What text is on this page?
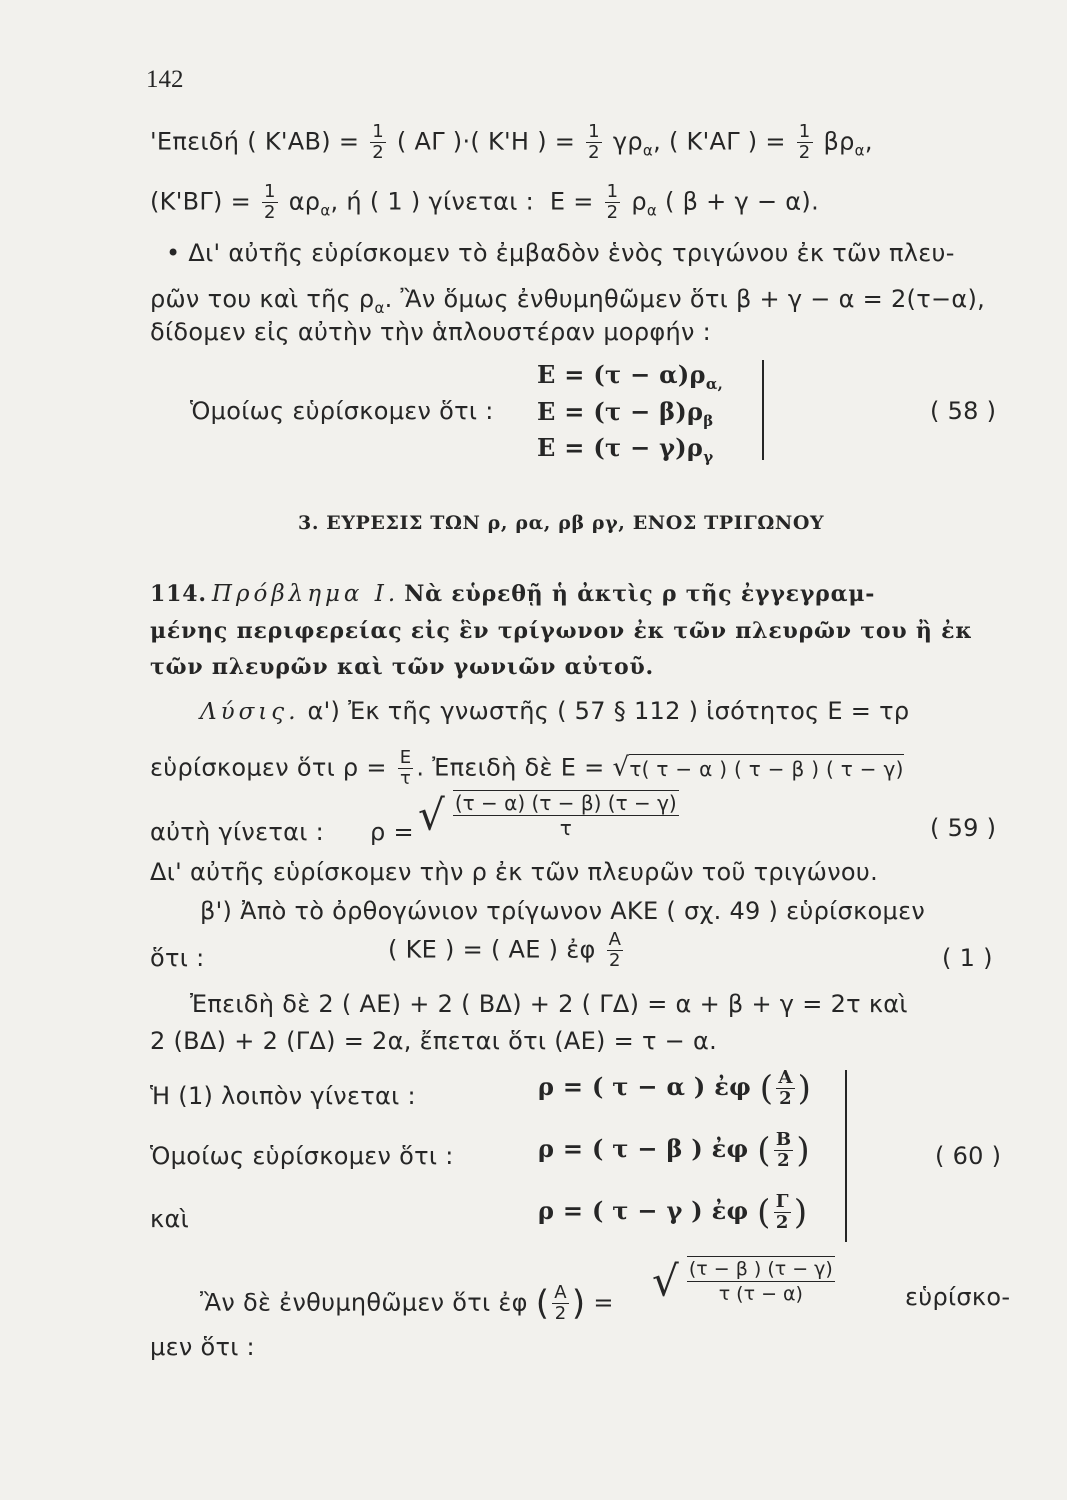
142
'Επειδή ( $K'AB) = \frac{1}{2}$ ( ΑΓ )·( Κ'Η ) = $\frac{1}{2} \gamma\rho_\alpha$, ( Κ'ΑΓ ) = $\frac{1}{2} \beta\rho_\alpha$,
$(K'B\Gamma) = \frac{1}{2} \alpha\rho_\alpha$, ή ( 1 ) γίνεται : $E = \frac{1}{2} \rho_\alpha$ ( β + γ − α).
• Δι' αὐτῆς εὑρίσκομεν τὸ ἐμβαδὸν ἑνὸς τριγώνου ἐκ τῶν πλευ-
ρῶν του καὶ τῆς $\rho_\alpha$. Ἂν ὅμως ἐνθυμηθῶμεν ὅτι β + γ − α = 2(τ−α),
δίδομεν εἰς αὐτὴν τὴν ἁπλουστέραν μορφήν :
$E = (\tau - \alpha)\rho_{\alpha,}$
Ὁμοίως εὑρίσκομεν ὅτι : $E = (\tau - \beta)\rho_\beta$
$E = (\tau - \gamma)\rho_\gamma$
( 58 )
3. ΕΥΡΕΣΙΣ ΤΩΝ ρ, ρα, ρβ ργ, ΕΝΟΣ ΤΡΙΓΩΝΟΥ
114. Πρόβλημα Ι. Νὰ εὑρεθῇ ἡ ἀκτὶς ρ τῆς ἐγγεγραμ-
μένης περιφερείας εἰς ἓν τρίγωνον ἐκ τῶν πλευρῶν του ἢ ἐκ
τῶν πλευρῶν καὶ τῶν γωνιῶν αὐτοῦ.
Λύσις. α') Ἐκ τῆς γνωστῆς ( 57 § 112 ) ἰσότητος Ε = τρ
εὑρίσκομεν ὅτι $\rho = \frac{E}{\tau}$ . Ἐπειδὴ δὲ Ε = √τ( τ − α ) ( τ − β ) ( τ − γ)
αὐτὴ γίνεται : ρ = √ $\frac{(\tau - \alpha) (\tau - \beta) (\tau - \gamma)}{\tau}$	( 59 )
Δι' αὐτῆς εὑρίσκομεν τὴν ρ ἐκ τῶν πλευρῶν τοῦ τριγώνου.
β') Ἀπὸ τὸ ὀρθογώνιον τρίγωνον ΑΚΕ ( σχ. 49 ) εὑρίσκομεν
ὅτι :	( ΚΕ ) = ( ΑΕ ) ἐφ $\frac{A}{2}$	( 1 )
Ἐπειδὴ δὲ 2 ( ΑΕ) + 2 ( ΒΔ) + 2 ( ΓΔ) = α + β + γ = 2τ καὶ
2 (ΒΔ) + 2 (ΓΔ) = 2α, ἔπεται ὅτι (ΑΕ) = τ − α.
Ἡ (1) λοιπὸν γίνεται :
Ὁμοίως εὑρίσκομεν ὅτι :
καὶ
ρ = ( τ − α ) ἐφ ( $\frac{A}{2}$ )
ρ = ( τ − β ) ἐφ ( $\frac{B}{2}$ )
ρ = ( τ − γ ) ἐφ ( $\frac{\Gamma}{2}$ )
( 60 )
Ἂν δὲ ἐνθυμηθῶμεν ὅτι ἐφ ( $\frac{A}{2}$ ) = √ $\frac{(\tau - \beta ) (\tau - \gamma)}{\tau (\tau - \alpha)}$	εὑρίσκο-
μεν ὅτι :
